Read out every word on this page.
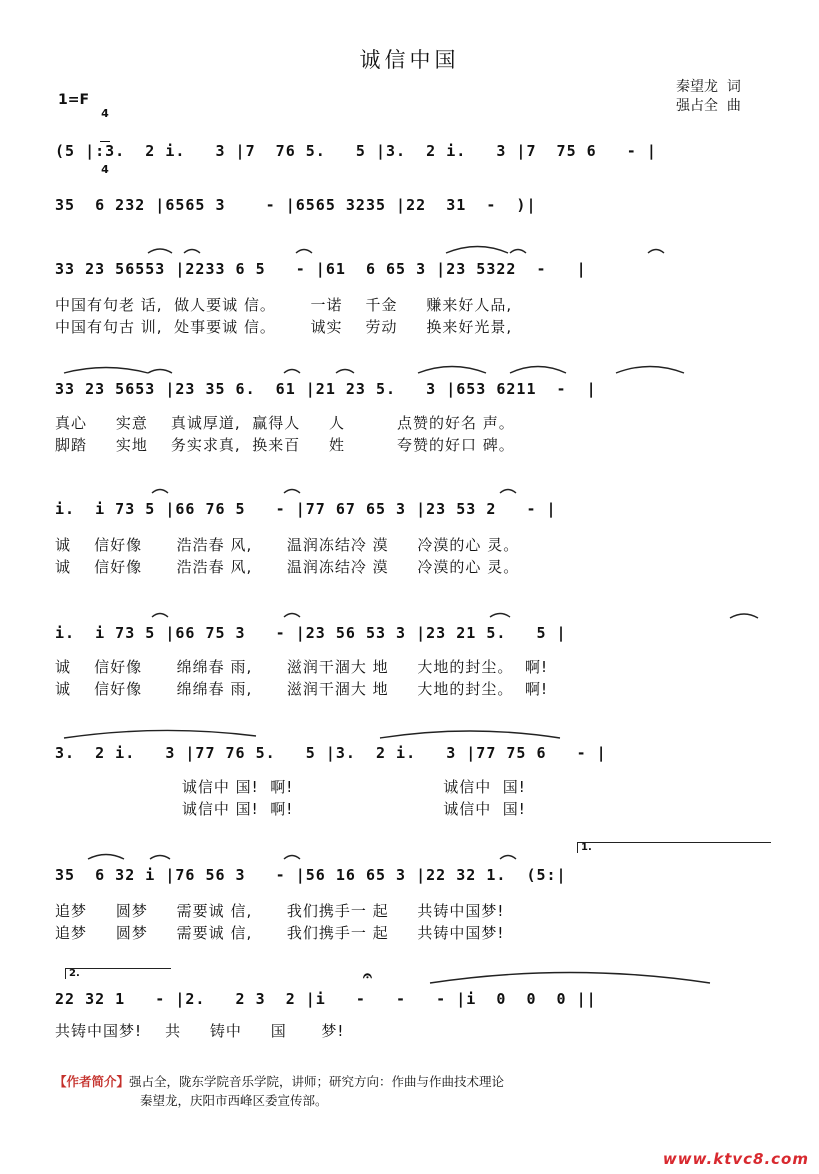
诚信中国
秦望龙  词
强占全  曲
1=F

4

4

(5 |:3.  2 i.   3 |7  76 5.   5 |3.  2 i.   3 |7  75 6   - |
35  6 232 |6565 3    - |6565 3235 |22  31  -  )|
33 23 56553 |2233 6 5   - |61  6 65 3 |23 5322  -   |
中国有句老 话,  做人要诚 信。      一诺    千金     赚来好人品,
中国有句古 训,  处事要诚 信。      诚实    劳动     换来好光景,
33 23 5653 |23 35 6.  61 |21 23 5.   3 |653 6211  -  |
真心     实意    真诚厚道,  赢得人     人         点赞的好名 声。
脚踏     实地    务实求真,  换来百     姓         夸赞的好口 碑。
i.  i 73 5 |66 76 5   - |77 67 65 3 |23 53 2   - |
诚    信好像      浩浩春 风,      温润冻结冷 漠     冷漠的心 灵。
诚    信好像      浩浩春 风,      温润冻结冷 漠     冷漠的心 灵。
i.  i 73 5 |66 75 3   - |23 56 53 3 |23 21 5.   5 |
诚    信好像      绵绵春 雨,      滋润干涸大 地     大地的封尘。  啊!
诚    信好像      绵绵春 雨,      滋润干涸大 地     大地的封尘。  啊!
3.  2 i.   3 |77 76 5.   5 |3.  2 i.   3 |77 75 6   - |
诚信中 国!  啊!                          诚信中  国!
诚信中 国!  啊!                          诚信中  国!
1.
35  6 32 i |76 56 3   - |56 16 65 3 |22 32 1.  (5:|
追梦     圆梦     需要诚 信,      我们携手一 起     共铸中国梦!
追梦     圆梦     需要诚 信,      我们携手一 起     共铸中国梦!
2.	𝄐
22 32 1   - |2.   2 3  2 |i   -   -   - |i  0  0  0 ||
共铸中国梦!    共     铸中     国      梦!
【作者简介】强占全，陇东学院音乐学院，讲师；研究方向：作曲与作曲技术理论
秦望龙，庆阳市西峰区委宣传部。
www.ktvc8.com
